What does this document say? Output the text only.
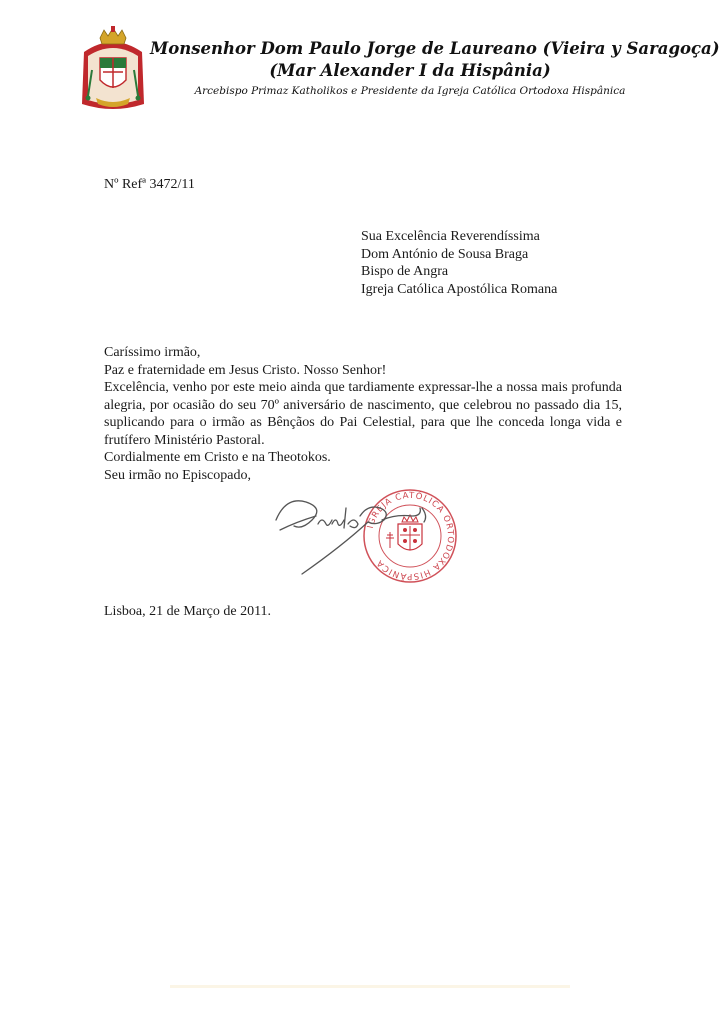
Monsenhor Dom Paulo Jorge de Laureano (Vieira y Saragoça)
(Mar Alexander I da Hispânia)
Arcebispo Primaz Katholikos e Presidente da Igreja Católica Ortodoxa Hispânica
Nº Refª 3472/11
Sua Excelência Reverendíssima
Dom António de Sousa Braga
Bispo de Angra
Igreja Católica Apostólica Romana
Caríssimo irmão,
Paz e fraternidade em Jesus Cristo. Nosso Senhor!
Excelência, venho por este meio ainda que tardiamente expressar-lhe a nossa mais profunda alegria, por ocasião do seu 70º aniversário de nascimento, que celebrou no passado dia 15, suplicando para o irmão as Bênçãos do Pai Celestial, para que lhe conceda longa vida e frutífero Ministério Pastoral.
Cordialmente em Cristo e na Theotokos.
Seu irmão no Episcopado,
IGREJA CATÓLICA ORTODOXA HISPÂNICA
Lisboa, 21 de Março de 2011.
